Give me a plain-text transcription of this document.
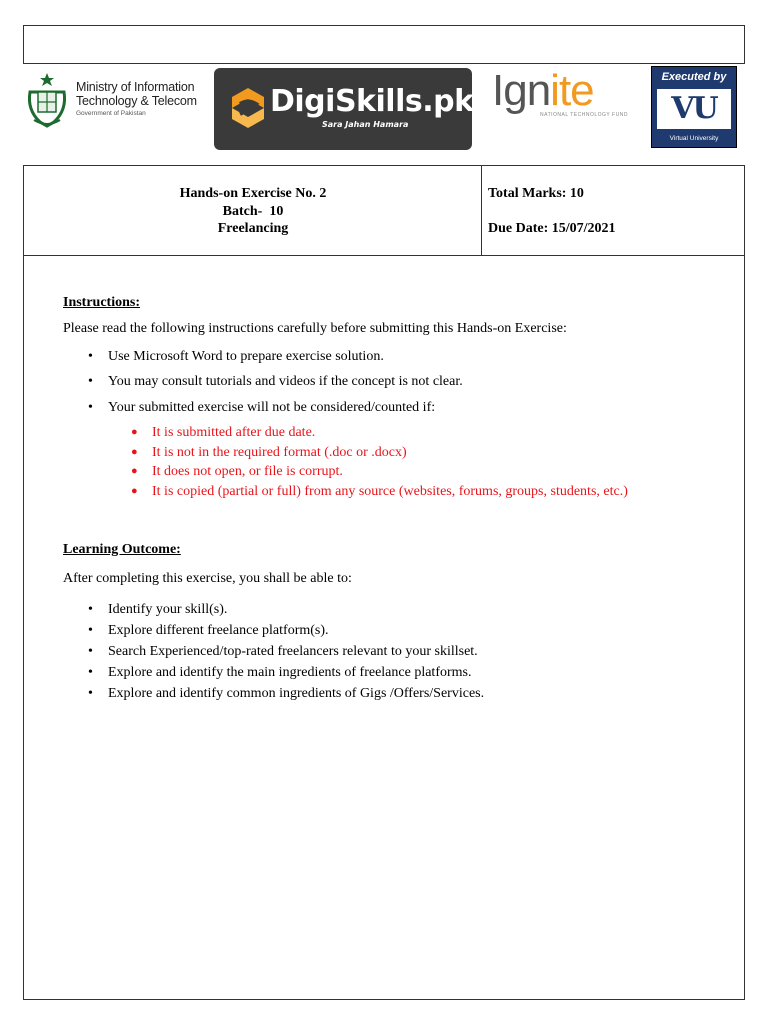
Ministry of Information
Technology & Telecom
Government of Pakistan	DigiSkills.pk
Sara Jahan Hamara
Ignite
NATIONAL TECHNOLOGY FUND
Executed by
VU
Virtual University
Hands-on Exercise No. 2
Batch-  10
Freelancing
Total Marks: 10
Due Date: 15/07/2021
Instructions:
Please read the following instructions carefully before submitting this Hands-on Exercise:
• Use Microsoft Word to prepare exercise solution.
• You may consult tutorials and videos if the concept is not clear.
• Your submitted exercise will not be considered/counted if:
● It is submitted after due date.
● It is not in the required format (.doc or .docx)
● It does not open, or file is corrupt.
● It is copied (partial or full) from any source (websites, forums, groups, students, etc.)
Learning Outcome:
After completing this exercise, you shall be able to:
• Identify your skill(s).
• Explore different freelance platform(s).
• Search Experienced/top-rated freelancers relevant to your skillset.
• Explore and identify the main ingredients of freelance platforms.
• Explore and identify common ingredients of Gigs /Offers/Services.
